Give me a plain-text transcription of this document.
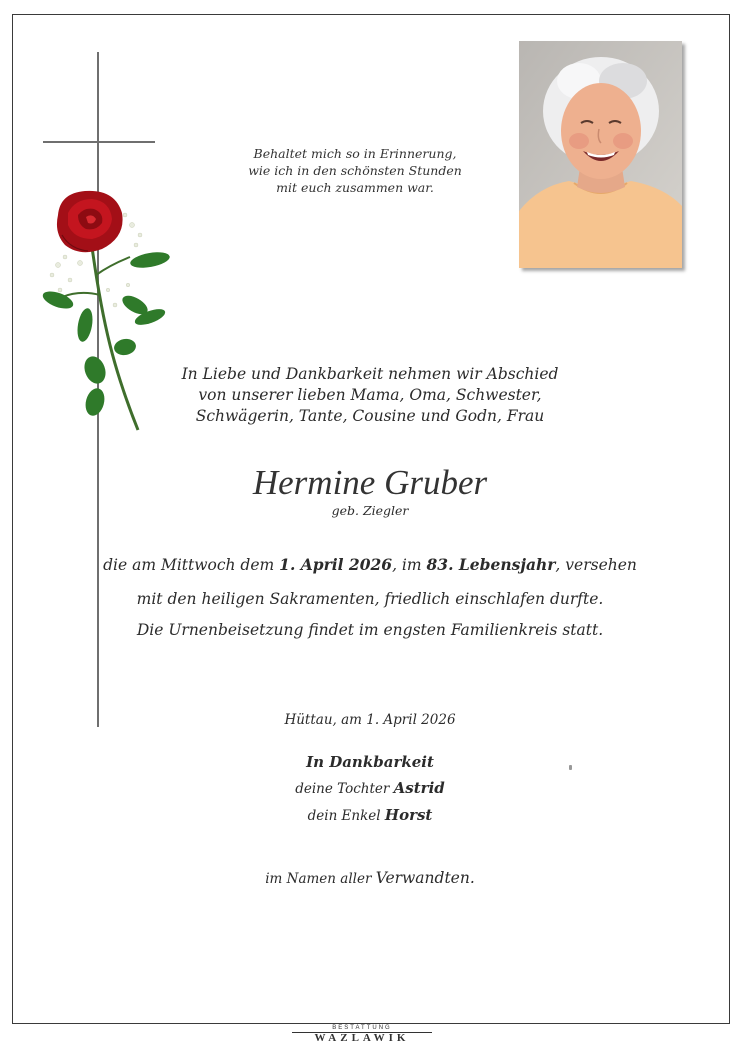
Behaltet mich so in Erinnerung,
wie ich in den schönsten Stunden
mit euch zusammen war.
In Liebe und Dankbarkeit nehmen wir Abschied
von unserer lieben Mama, Oma, Schwester,
Schwägerin, Tante, Cousine und Godn, Frau
Hermine Gruber
geb. Ziegler
die am Mittwoch dem 1. April 2026, im 83. Lebensjahr, versehen
mit den heiligen Sakramenten, friedlich einschlafen durfte.
Die Urnenbeisetzung findet im engsten Familienkreis statt.
Hüttau, am 1. April 2026
In Dankbarkeit
deine Tochter Astrid
dein Enkel Horst
im Namen aller Verwandten.
BESTATTUNG
WAZLAWIK
